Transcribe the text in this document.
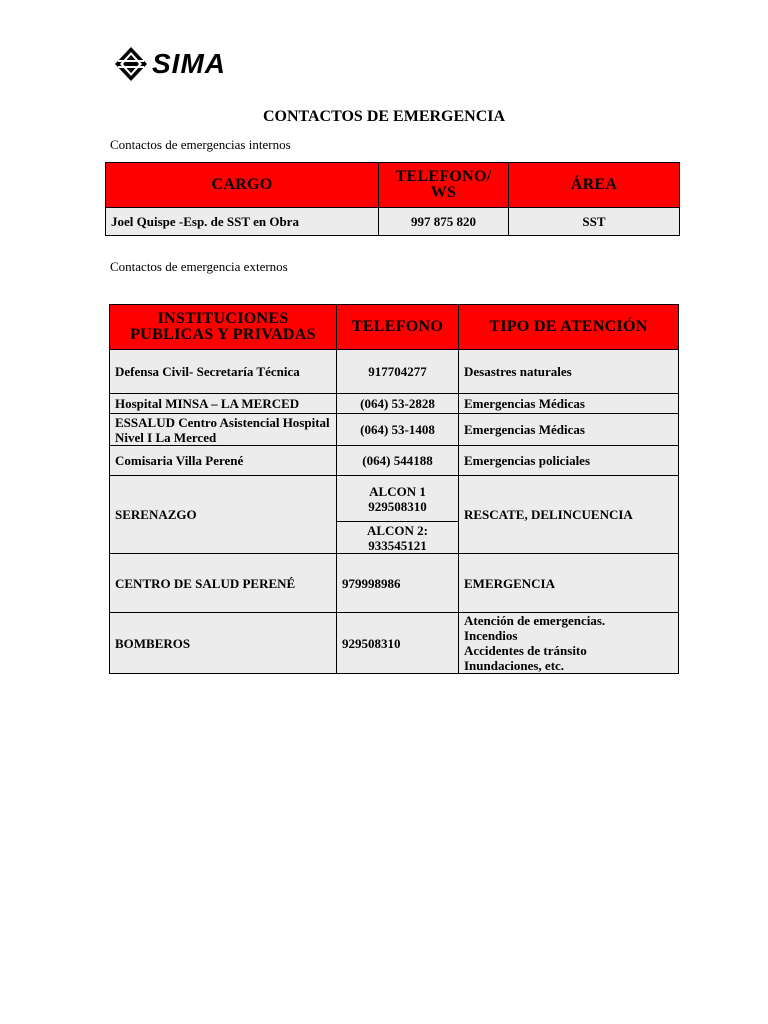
SIMA
CONTACTOS DE EMERGENCIA
Contactos de emergencias internos
CARGO	TELEFONO/ WS	ÁREA
Joel Quispe -Esp. de SST en Obra	997 875 820	SST
Contactos de emergencia externos
INSTITUCIONES PUBLICAS Y PRIVADAS	TELEFONO	TIPO DE ATENCIÓN
Defensa Civil- Secretaría Técnica	917704277	Desastres naturales
Hospital MINSA – LA MERCED	(064) 53-2828	Emergencias Médicas
ESSALUD Centro Asistencial Hospital Nivel I La Merced	(064) 53-1408	Emergencias Médicas
Comisaria Villa Perené	(064) 544188	Emergencias policiales
SERENAZGO	ALCON 1 929508310	RESCATE, DELINCUENCIA
	ALCON 2: 933545121	
CENTRO DE SALUD PERENÉ	979998986	EMERGENCIA
BOMBEROS	929508310	Atención de emergencias.
Incendios
Accidentes de tránsito
Inundaciones, etc.
